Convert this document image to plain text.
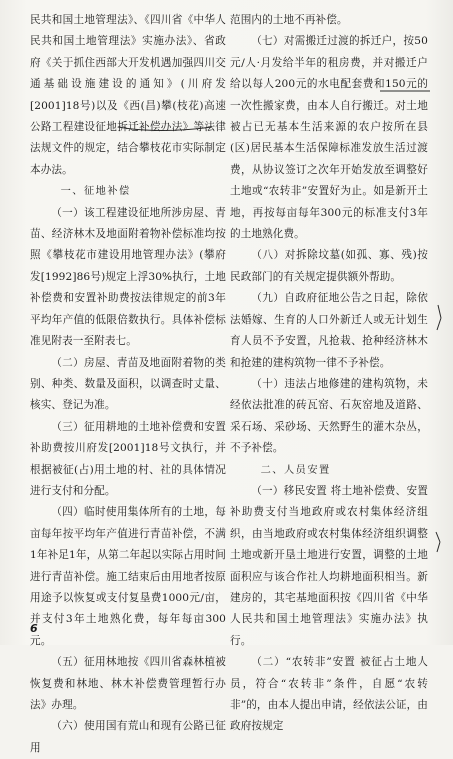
民共和国土地管理法》、《四川省《中华人民共和国土地管理法》实施办法》、省政府《关于抓住西部大开发机遇加强四川交通基础设施建设的通知》(川府发[2001]18号)以及《西(昌)攀(枝花)高速公路工程建设征地拆迁补偿办法》等法律法规文件的规定，结合攀枝花市实际制定本办法。

一、征地补偿

（一）该工程建设征地所涉房屋、青苗、经济林木及地面附着物补偿标准均按照《攀枝花市建设用地管理办法》(攀府发[1992]86号)规定上浮30%执行，土地补偿费和安置补助费按法律规定的前3年平均年产值的低限倍数执行。具体补偿标准见附表一至附表七。

（二）房屋、青苗及地面附着物的类别、种类、数量及面积，以调查时丈量、核实、登记为准。

（三）征用耕地的土地补偿费和安置补助费按川府发[2001]18号文执行，并根据被征(占)用土地的村、社的具体情况进行支付和分配。

（四）临时使用集体所有的土地，每亩每年按平均年产值进行青苗补偿，不满1年补足1年，从第二年起以实际占用时间进行青苗补偿。施工结束后由用地者按原用途予以恢复或支付复垦费1000元/亩，并支付3年土地熟化费，每年每亩300元。

（五）征用林地按《四川省森林植被恢复费和林地、林木补偿费管理暂行办法》办理。

（六）使用国有荒山和现有公路已征用

范围内的土地不再补偿。

（七）对需搬迁过渡的拆迁户，按50元/人·月发给半年的租房费，并对搬迁户给以每人200元的水电配套费和150元的一次性搬家费，由本人自行搬迁。对土地被占已无基本生活来源的农户按所在县(区)居民基本生活保障标准发放生活过渡费，从协议签订之次年开始发放至调整好土地或“农转非”安置好为止。如是新开土地，再按每亩每年300元的标准支付3年的土地熟化费。

（八）对拆除坟墓(如孤、寡、残)按民政部门的有关规定提供额外帮助。

（九）自政府征地公告之日起，除依法婚嫁、生育的人口外新迁人或无计划生育人员不予安置，凡抢栽、抢种经济林木和抢建的建构筑物一律不予补偿。

（十）违法占地修建的建构筑物，未经依法批准的砖瓦窑、石灰窑地及道路、采石场、采砂场、天然野生的灌木杂丛，不予补偿。

二、人员安置

（一）移民安置 将土地补偿费、安置补助费支付当地政府或农村集体经济组织，由当地政府或农村集体经济组织调整土地或新开垦土地进行安置，调整的土地面积应与该合作社人均耕地面积相当。新建房的，其宅基地面积按《四川省《中华人民共和国土地管理法》实施办法》执行。

（二）“农转非”安置 被征占土地人员，符合“农转非”条件，自愿“农转非”的，由本人提出申请，经依法公证，由政府按规定

6
